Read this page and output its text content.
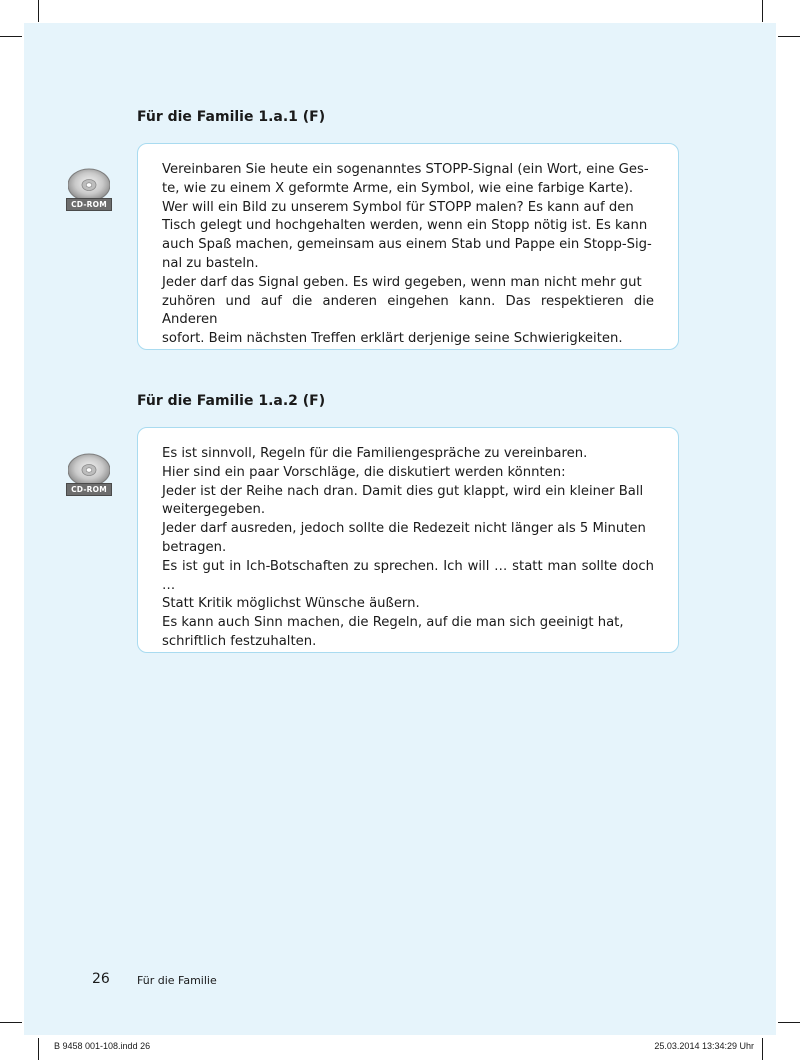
Für die Familie 1.a.1 (F)
CD-ROM

Vereinbaren Sie heute ein sogenanntes STOPP-Signal (ein Wort, eine Ges-
te, wie zu einem X geformte Arme, ein Symbol, wie eine farbige Karte).
Wer will ein Bild zu unserem Symbol für STOPP malen? Es kann auf den
Tisch gelegt und hochgehalten werden, wenn ein Stopp nötig ist. Es kann
auch Spaß machen, gemeinsam aus einem Stab und Pappe ein Stopp-Sig-
nal zu basteln.
Jeder darf das Signal geben. Es wird gegeben, wenn man nicht mehr gut
zuhören und auf die anderen eingehen kann. Das respektieren die Anderen
sofort. Beim nächsten Treffen erklärt derjenige seine Schwierigkeiten.

Für die Familie 1.a.2 (F)
CD-ROM

Es ist sinnvoll, Regeln für die Familiengespräche zu vereinbaren.
Hier sind ein paar Vorschläge, die diskutiert werden könnten:
Jeder ist der Reihe nach dran. Damit dies gut klappt, wird ein kleiner Ball
weitergegeben.
Jeder darf ausreden, jedoch sollte die Redezeit nicht länger als 5 Minuten
betragen.
Es ist gut in Ich-Botschaften zu sprechen. Ich will … statt man sollte doch …
Statt Kritik möglichst Wünsche äußern.
Es kann auch Sinn machen, die Regeln, auf die man sich geeinigt hat,
schriftlich festzuhalten.

26 Für die Familie
B 9458 001-108.indd 26	25.03.2014 13:34:29 Uhr
